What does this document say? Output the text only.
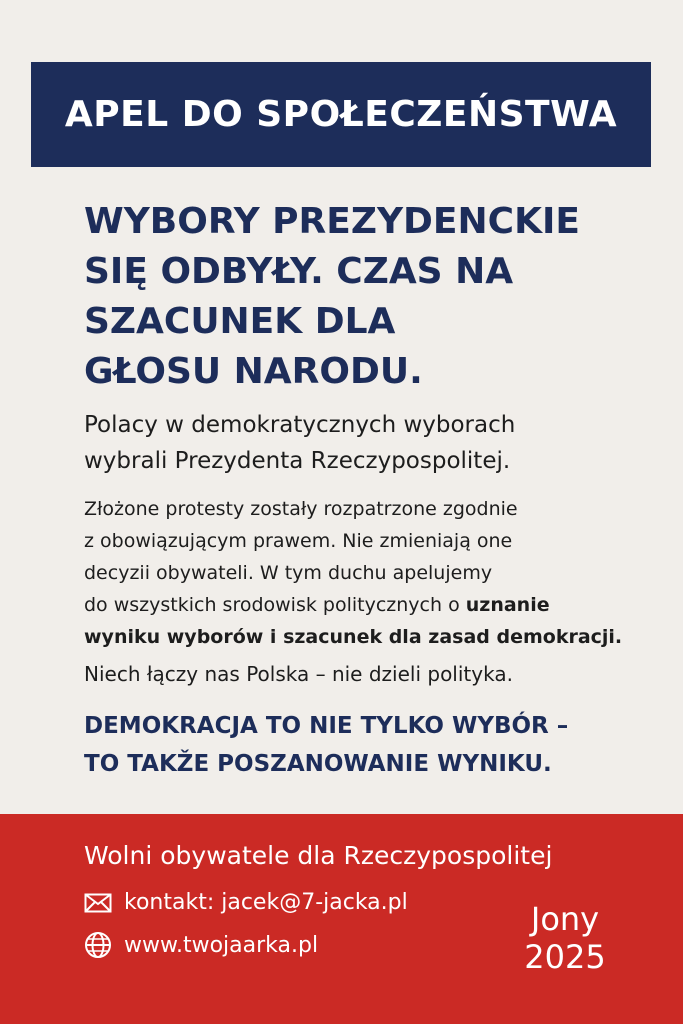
APEL DO SPOŁECZEŃSTWA
WYBORY PREZYDENCKIE
SIĘ ODBYŁY. CZAS NA
SZACUNEK DLA
GŁOSU NARODU.
Polacy w demokratycznych wyborach
wybrali Prezydenta Rzeczypospolitej.
Złożone protesty zostały rozpatrzone zgodnie
z obowiązującym prawem. Nie zmieniają one
decyzii obywateli. W tym duchu apelujemy
do wszystkich srodowisk politycznych o uznanie
wyniku wyborów i szacunek dla zasad demokracji.
Niech łączy nas Polska – nie dzieli polityka.
DEMOKRACJA TO NIE TYLKO WYBÓR –
TO TAKŽE POSZANOWANIE WYNIKU.
Wolni obywatele dla Rzeczypospolitej
kontakt: jacek@7-jacka.pl
www.twojaarka.pl
Jony
2025
